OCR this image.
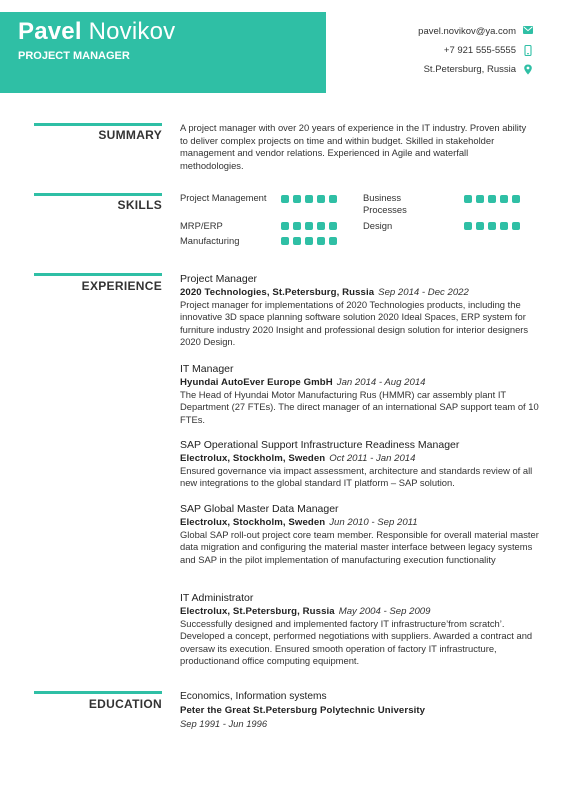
Pavel Novikov
PROJECT MANAGER
pavel.novikov@ya.com
+7 921 555-5555
St.Petersburg, Russia
SUMMARY
A project manager with over 20 years of experience in the IT industry. Proven ability to deliver complex projects on time and within budget. Skilled in stakeholder management and vendor relations. Experienced in Agile and waterfall methodologies.
SKILLS
Project Management	Business Processes
MRP/ERP	Design
Manufacturing
EXPERIENCE Project Manager
2020 Technologies, St.Petersburg, Russia Sep 2014 - Dec 2022
Project manager for implementations of 2020 Technologies products, including the innovative 3D space planning software solution 2020 Ideal Spaces, ERP system for furniture industry 2020 Insight and professional design solution for interior designers 2020 Design.
IT Manager
Hyundai AutoEver Europe GmbH Jan 2014 - Aug 2014
The Head of Hyundai Motor Manufacturing Rus (HMMR) car assembly plant IT Department (27 FTEs). The direct manager of an international SAP support team of 10 FTEs.
SAP Operational Support Infrastructure Readiness Manager
Electrolux, Stockholm, Sweden Oct 2011 - Jan 2014
Ensured governance via impact assessment, architecture and standards review of all new integrations to the global standard IT platform – SAP solution.
SAP Global Master Data Manager
Electrolux, Stockholm, Sweden Jun 2010 - Sep 2011
Global SAP roll-out project core team member. Responsible for overall material master data migration and configuring the material master interface between legacy systems and SAP in the pilot implementation of manufacturing execution functionality
IT Administrator
Electrolux, St.Petersburg, Russia May 2004 - Sep 2009
Successfully designed and implemented factory IT infrastructure’from scratch’. Developed a concept, performed negotiations with suppliers. Awarded a contract and oversaw its execution. Ensured smooth operation of factory IT infrastructure, productionand office computing equipment.
EDUCATION
Economics, Information systems
Peter the Great St.Petersburg Polytechnic University
Sep 1991 - Jun 1996
